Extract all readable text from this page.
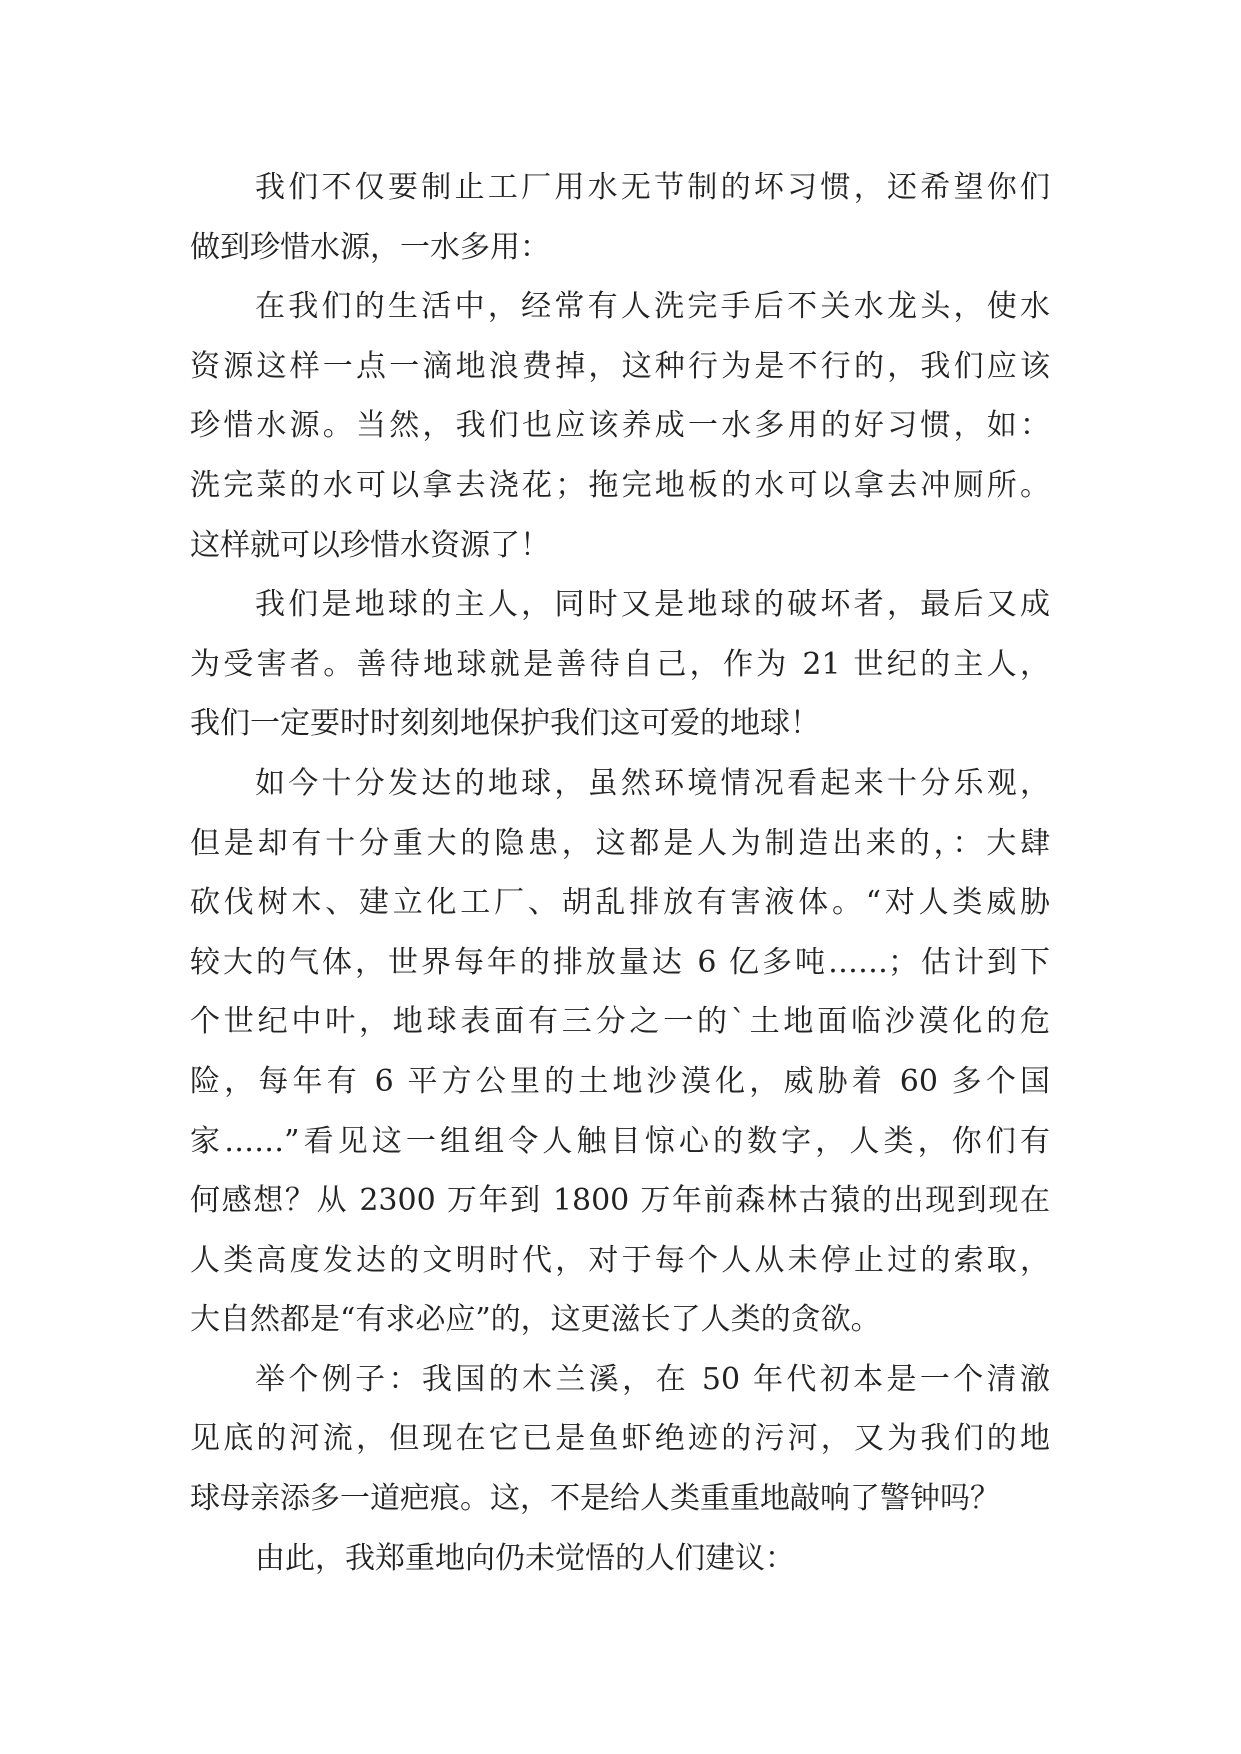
我们不仅要制止工厂用水无节制的坏习惯，还希望你们
做到珍惜水源，一水多用：
在我们的生活中，经常有人洗完手后不关水龙头，使水
资源这样一点一滴地浪费掉，这种行为是不行的，我们应该
珍惜水源。当然，我们也应该养成一水多用的好习惯，如：
洗完菜的水可以拿去浇花；拖完地板的水可以拿去冲厕所。
这样就可以珍惜水资源了！
我们是地球的主人，同时又是地球的破坏者，最后又成
为受害者。善待地球就是善待自己，作为 21 世纪的主人，
我们一定要时时刻刻地保护我们这可爱的地球！
如今十分发达的地球，虽然环境情况看起来十分乐观，
但是却有十分重大的隐患，这都是人为制造出来的，：大肆
砍伐树木、建立化工厂、胡乱排放有害液体。“对人类威胁
较大的气体，世界每年的排放量达 6 亿多吨……；估计到下
个世纪中叶，地球表面有三分之一的`土地面临沙漠化的危
险，每年有 6 平方公里的土地沙漠化，威胁着 60 多个国
家……”看见这一组组令人触目惊心的数字，人类，你们有
何感想？从 2300 万年到 1800 万年前森林古猿的出现到现在
人类高度发达的文明时代，对于每个人从未停止过的索取，
大自然都是“有求必应”的，这更滋长了人类的贪欲。
举个例子：我国的木兰溪，在 50 年代初本是一个清澈
见底的河流，但现在它已是鱼虾绝迹的污河，又为我们的地
球母亲添多一道疤痕。这，不是给人类重重地敲响了警钟吗？
由此，我郑重地向仍未觉悟的人们建议：
